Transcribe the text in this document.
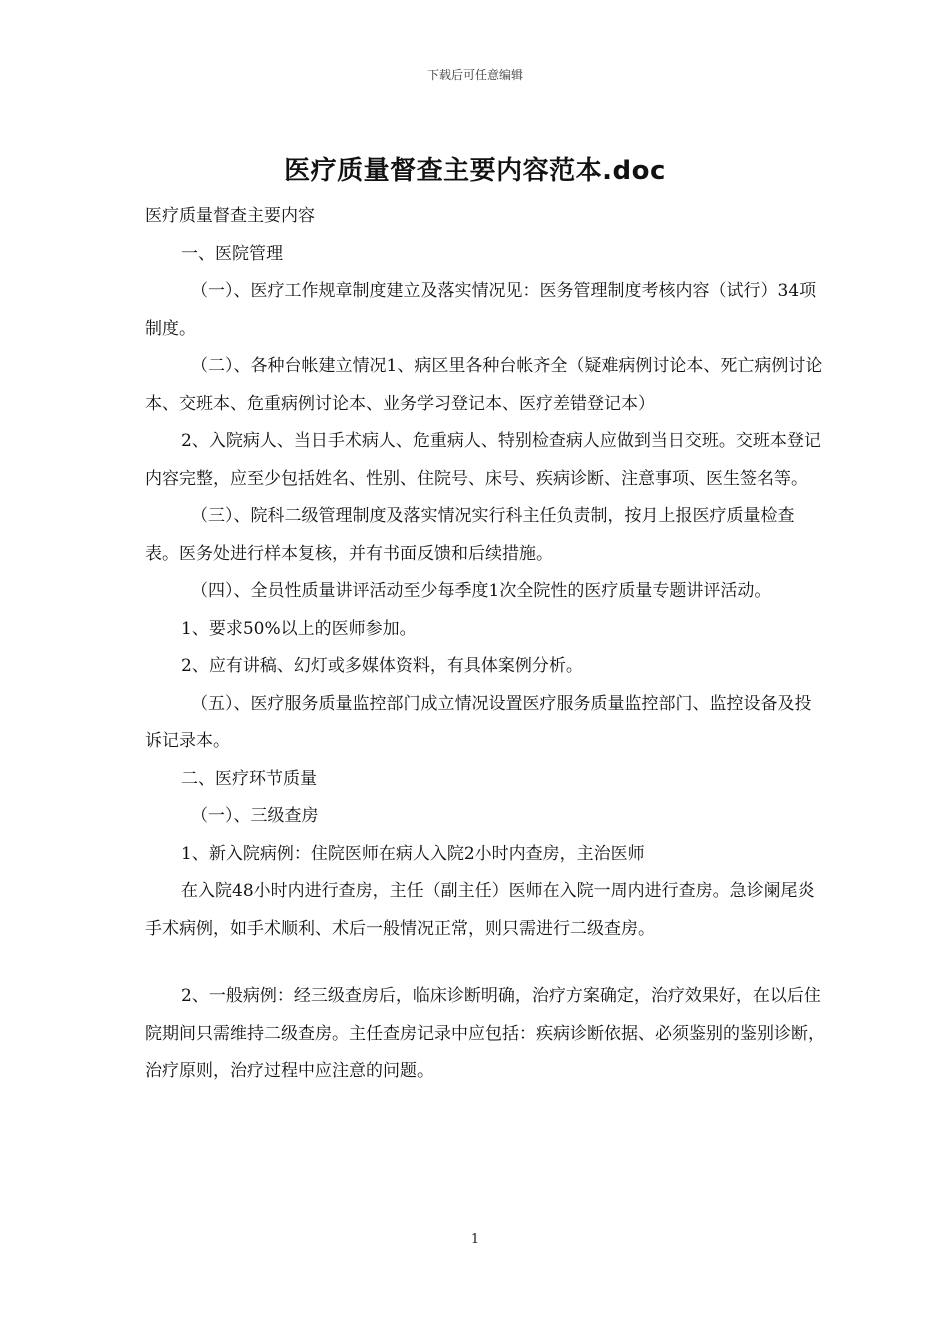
下载后可任意编辑
医疗质量督查主要内容范本.doc

医疗质量督查主要内容

一、医院管理

（一）、医疗工作规章制度建立及落实情况见：医务管理制度考核内容（试行）34项制度。

（二）、各种台帐建立情况1、病区里各种台帐齐全（疑难病例讨论本、死亡病例讨论本、交班本、危重病例讨论本、业务学习登记本、医疗差错登记本）

2、入院病人、当日手术病人、危重病人、特别检查病人应做到当日交班。交班本登记内容完整，应至少包括姓名、性别、住院号、床号、疾病诊断、注意事项、医生签名等。

（三）、院科二级管理制度及落实情况实行科主任负责制，按月上报医疗质量检查表。医务处进行样本复核，并有书面反馈和后续措施。

（四）、全员性质量讲评活动至少每季度1次全院性的医疗质量专题讲评活动。

1、要求50%以上的医师参加。

2、应有讲稿、幻灯或多媒体资料，有具体案例分析。

（五）、医疗服务质量监控部门成立情况设置医疗服务质量监控部门、监控设备及投诉记录本。

二、医疗环节质量

（一）、三级查房

1、新入院病例：住院医师在病人入院2小时内查房，主治医师

在入院48小时内进行查房，主任（副主任）医师在入院一周内进行查房。急诊阑尾炎手术病例，如手术顺利、术后一般情况正常，则只需进行二级查房。

2、一般病例：经三级查房后，临床诊断明确，治疗方案确定，治疗效果好，在以后住院期间只需维持二级查房。主任查房记录中应包括：疾病诊断依据、必须鉴别的鉴别诊断，治疗原则，治疗过程中应注意的问题。

1
